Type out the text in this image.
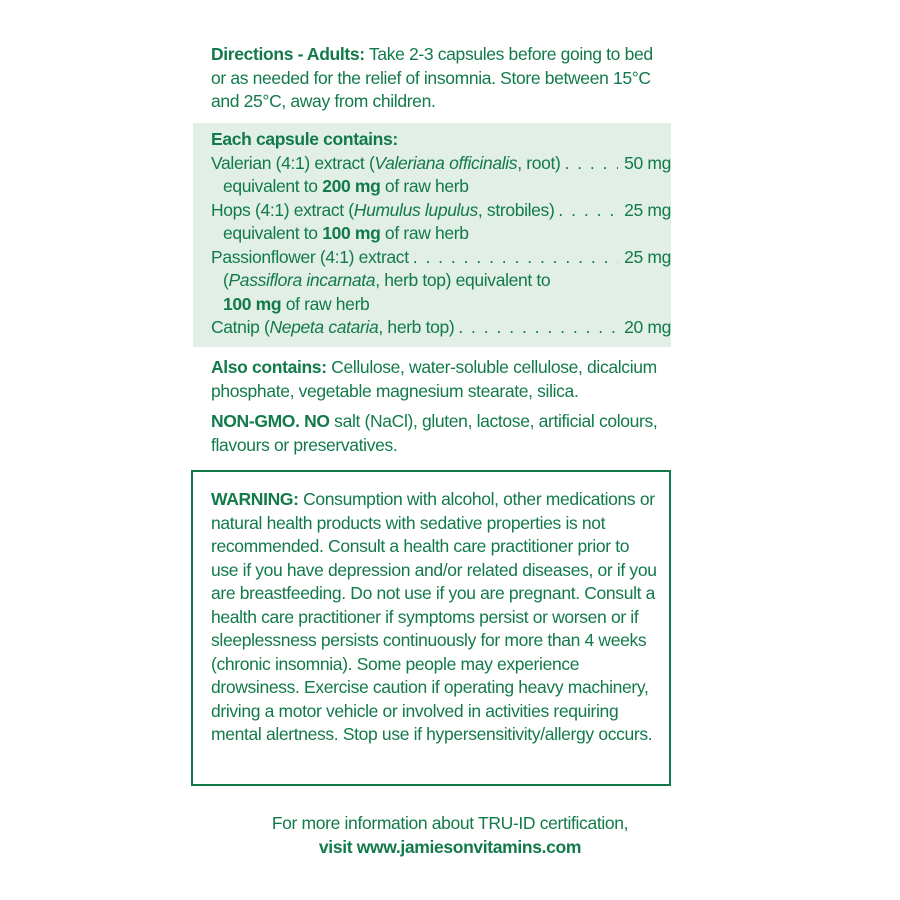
Directions - Adults: Take 2-3 capsules before going to bed or as needed for the relief of insomnia. Store between 15°C and 25°C, away from children.
Each capsule contains:
Valerian (4:1) extract (Valeriana officinalis, root) . . .	50 mg
equivalent to 200 mg of raw herb
Hops (4:1) extract (Humulus lupulus, strobiles) . . .	25 mg
equivalent to 100 mg of raw herb
Passionflower (4:1) extract . . .	25 mg
(Passiflora incarnata, herb top) equivalent to
100 mg of raw herb
Catnip (Nepeta cataria, herb top) . . .	20 mg
Also contains: Cellulose, water-soluble cellulose, dicalcium phosphate, vegetable magnesium stearate, silica.
NON-GMO. NO salt (NaCl), gluten, lactose, artificial colours, flavours or preservatives.
WARNING: Consumption with alcohol, other medications or natural health products with sedative properties is not recommended. Consult a health care practitioner prior to use if you have depression and/or related diseases, or if you are breastfeeding. Do not use if you are pregnant. Consult a health care practitioner if symptoms persist or worsen or if sleeplessness persists continuously for more than 4 weeks (chronic insomnia). Some people may experience drowsiness. Exercise caution if operating heavy machinery, driving a motor vehicle or involved in activities requiring mental alertness. Stop use if hypersensitivity/allergy occurs.
For more information about TRU-ID certification,
visit www.jamiesonvitamins.com
